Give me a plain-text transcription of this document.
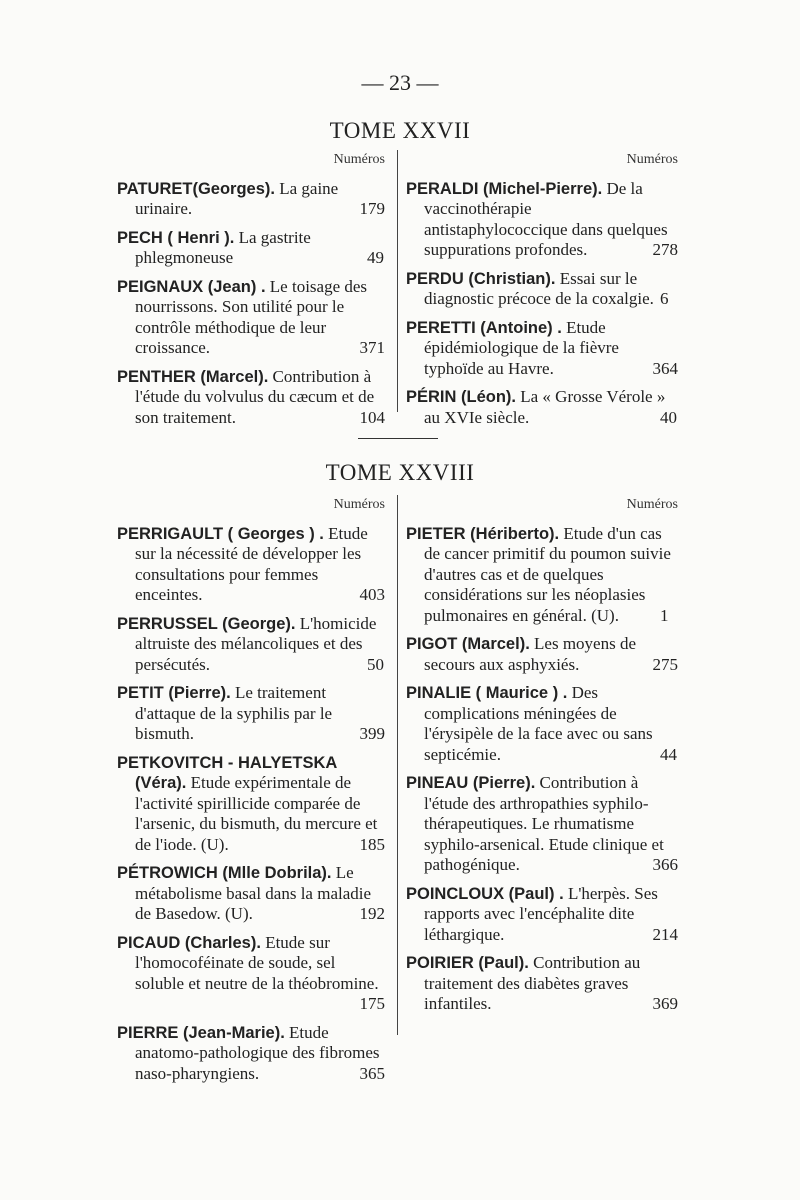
— 23 —
TOME XXVII
Numéros
PATURET(Georges). La gaine urinaire.	179
PECH ( Henri ). La gastrite phlegmoneuse	49
PEIGNAUX (Jean) . Le toisage des nourrissons. Son utilité pour le contrôle méthodique de leur croissance.	371
PENTHER (Marcel). Contribution à l'étude du volvulus du cæcum et de son traitement.	104
Numéros
PERALDI (Michel-Pierre). De la vaccinothérapie antistaphylococcique dans quelques suppurations profondes.	278
PERDU (Christian). Essai sur le diagnostic précoce de la coxalgie. 6
PERETTI (Antoine) . Etude épidémiologique de la fièvre typhoïde au Havre.	364
PÉRIN (Léon). La « Grosse Vérole » au XVIe siècle.	40
TOME XXVIII
Numéros
PERRIGAULT ( Georges ) . Etude sur la nécessité de développer les consultations pour femmes enceintes.	403
PERRUSSEL (George). L'homicide altruiste des mélancoliques et des persécutés.	50
PETIT (Pierre). Le traitement d'attaque de la syphilis par le bismuth.	399
PETKOVITCH - HALYETSKA (Véra). Etude expérimentale de l'activité spirillicide comparée de l'arsenic, du bismuth, du mercure et de l'iode. (U).	185
PÉTROWICH (Mlle Dobrila). Le métabolisme basal dans la maladie de Basedow. (U).	192
PICAUD (Charles). Etude sur l'homocoféinate de soude, sel soluble et neutre de la théobromine.
175
PIERRE (Jean-Marie). Etude anatomo-pathologique des fibromes naso-pharyngiens.	365
Numéros
PIETER (Hériberto). Etude d'un cas de cancer primitif du poumon suivie d'autres cas et de quelques considérations sur les néoplasies pulmonaires en général. (U). 1
PIGOT (Marcel). Les moyens de secours aux asphyxiés.	275
PINALIE ( Maurice ) . Des complications méningées de l'érysipèle de la face avec ou sans septicémie.	44
PINEAU (Pierre). Contribution à l'étude des arthropathies syphilo-thérapeutiques. Le rhumatisme syphilo-arsenical. Etude clinique et pathogénique.	366
POINCLOUX (Paul) . L'herpès. Ses rapports avec l'encéphalite dite léthargique.	214
POIRIER (Paul). Contribution au traitement des diabètes graves infantiles.	369
